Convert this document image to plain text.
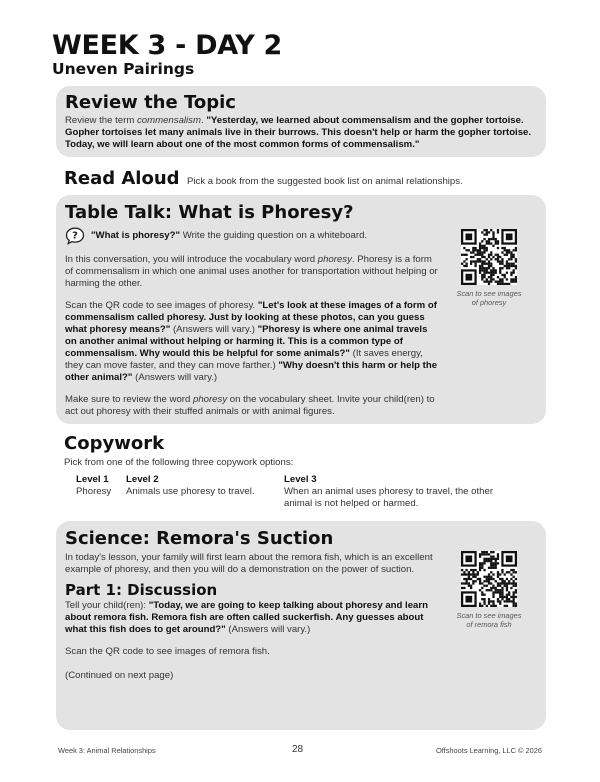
WEEK 3 - DAY 2
Uneven Pairings
Review the Topic

Review the term commensalism. "Yesterday, we learned about commensalism and the gopher tortoise. Gopher tortoises let many animals live in their burrows. This doesn't help or harm the gopher tortoise. Today, we will learn about one of the most common forms of commensalism."

Read Aloud Pick a book from the suggested book list on animal relationships.
Table Talk: What is Phoresy?
? "What is phoresy?" Write the guiding question on a whiteboard.

In this conversation, you will introduce the vocabulary word phoresy. Phoresy is a form of commensalism in which one animal uses another for transportation without helping or harming the other.

Scan the QR code to see images of phoresy. "Let's look at these images of a form of commensalism called phoresy. Just by looking at these photos, can you guess what phoresy means?" (Answers will vary.) "Phoresy is where one animal travels on another animal without helping or harming it. This is a common type of commensalism. Why would this be helpful for some animals?" (It saves energy, they can move faster, and they can move farther.) "Why doesn't this harm or help the other animal?" (Answers will vary.)

Make sure to review the word phoresy on the vocabulary sheet. Invite your child(ren) to act out phoresy with their stuffed animals or with animal figures.

Scan to see images of phoresy
Copywork

Pick from one of the following three copywork options:

Level 1
Phoresy
Level 2
Animals use phoresy to travel.
Level 3
When an animal uses phoresy to travel, the other animal is not helped or harmed.
Science: Remora's Suction

In today's lesson, your family will first learn about the remora fish, which is an excellent example of phoresy, and then you will do a demonstration on the power of suction.

Part 1: Discussion

Tell your child(ren): "Today, we are going to keep talking about phoresy and learn about remora fish. Remora fish are often called suckerfish. Any guesses about what this fish does to get around?" (Answers will vary.)

Scan the QR code to see images of remora fish.

(Continued on next page)

Scan to see images of remora fish
Week 3: Animal Relationships	28	Offshoots Learning, LLC © 2026
